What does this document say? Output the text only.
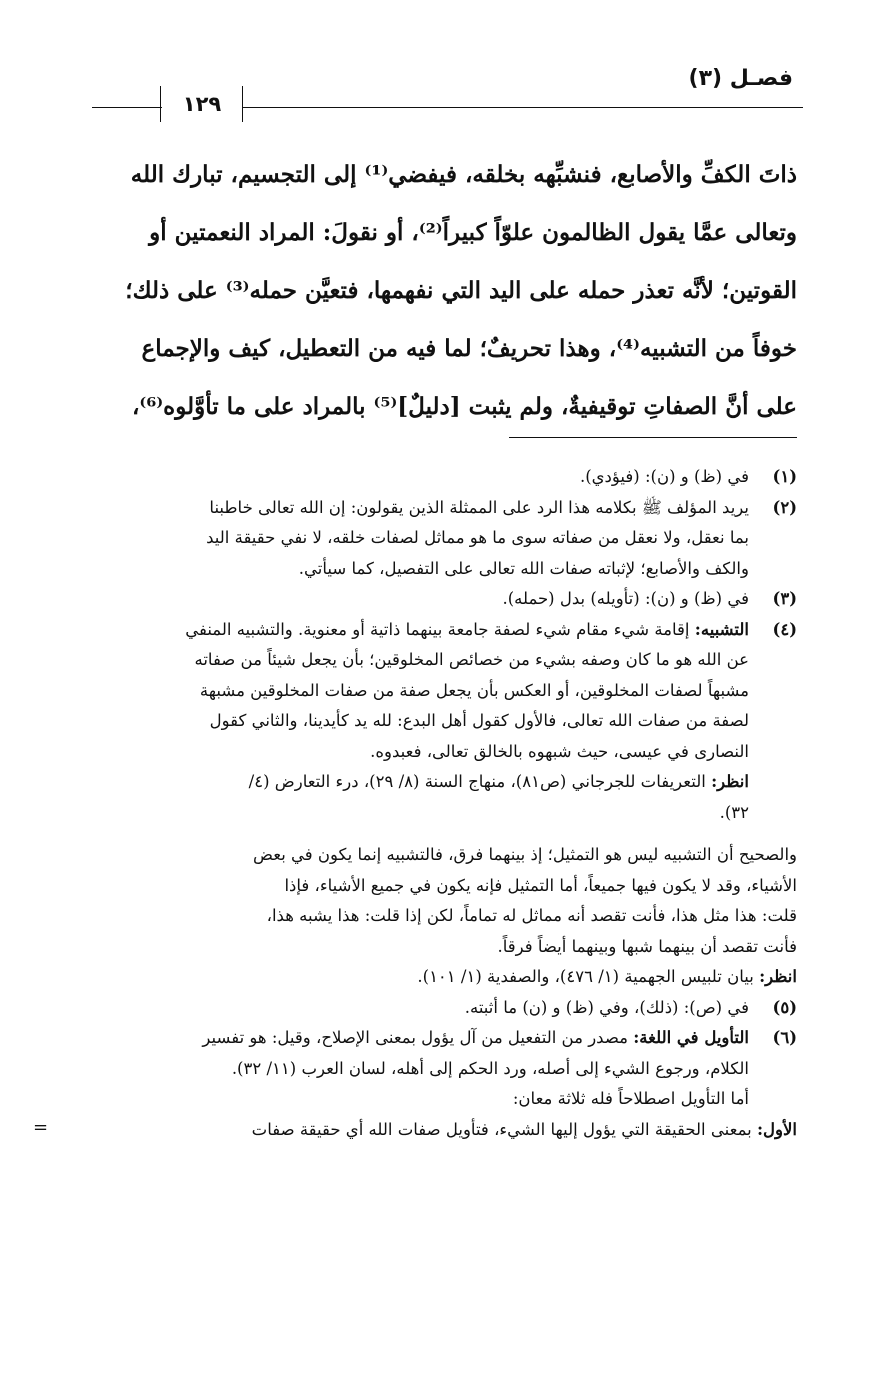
فصـل (٣)
١٢٩

ذاتَ الكفِّ والأصابع، فنشبِّهه بخلقه، فيفضي⁽¹⁾ إلى التجسيم، تبارك الله

وتعالى عمَّا يقول الظالمون علوّاً كبيراً⁽²⁾، أو نقولَ: المراد النعمتين أو

القوتين؛ لأنَّه تعذر حمله على اليد التي نفهمها، فتعيَّن حمله⁽³⁾ على ذلك؛

خوفاً من التشبيه⁽⁴⁾، وهذا تحريفٌ؛ لما فيه من التعطيل، كيف والإجماع

على أنَّ الصفاتِ توقيفيةٌ، ولم يثبت [دليلٌ]⁽⁵⁾ بالمراد على ما تأوَّلوه⁽⁶⁾،

(١)

في (ظ) و (ن): (فيؤدي).

(٢)

يريد المؤلف ﷺ بكلامه هذا الرد على الممثلة الذين يقولون: إن الله تعالى خاطبنا

بما نعقل، ولا نعقل من صفاته سوى ما هو مماثل لصفات خلقه، لا نفي حقيقة اليد

والكف والأصابع؛ لإثباته صفات الله تعالى على التفصيل، كما سيأتي.

(٣)

في (ظ) و (ن): (تأويله) بدل (حمله).

(٤)

التشبيه: إقامة شيء مقام شيء لصفة جامعة بينهما ذاتية أو معنوية. والتشبيه المنفي

عن الله هو ما كان وصفه بشيء من خصائص المخلوقين؛ بأن يجعل شيئاً من صفاته

مشبهاً لصفات المخلوقين، أو العكس بأن يجعل صفة من صفات المخلوقين مشبهة

لصفة من صفات الله تعالى، فالأول كقول أهل البدع: لله يد كأيدينا، والثاني كقول

النصارى في عيسى، حيث شبهوه بالخالق تعالى، فعبدوه.

انظر: التعريفات للجرجاني (ص٨١)، منهاج السنة (٨/ ٢٩)، درء التعارض (٤/

٣٢).

والصحيح أن التشبيه ليس هو التمثيل؛ إذ بينهما فرق، فالتشبيه إنما يكون في بعض

الأشياء، وقد لا يكون فيها جميعاً، أما التمثيل فإنه يكون في جميع الأشياء، فإذا

قلت: هذا مثل هذا، فأنت تقصد أنه مماثل له تماماً، لكن إذا قلت: هذا يشبه هذا،

فأنت تقصد أن بينهما شبها وبينهما أيضاً فرقاً.

انظر: بيان تلبيس الجهمية (١/ ٤٧٦)، والصفدية (١/ ١٠١).

(٥)

في (ص): (ذلك)، وفي (ظ) و (ن) ما أثبته.

(٦)

التأويل في اللغة: مصدر من التفعيل من آل يؤول بمعنى الإصلاح، وقيل: هو تفسير

الكلام، ورجوع الشيء إلى أصله، ورد الحكم إلى أهله، لسان العرب (١١/ ٣٢).

أما التأويل اصطلاحاً فله ثلاثة معان:

الأول: بمعنى الحقيقة التي يؤول إليها الشيء، فتأويل صفات الله أي حقيقة صفات

=
